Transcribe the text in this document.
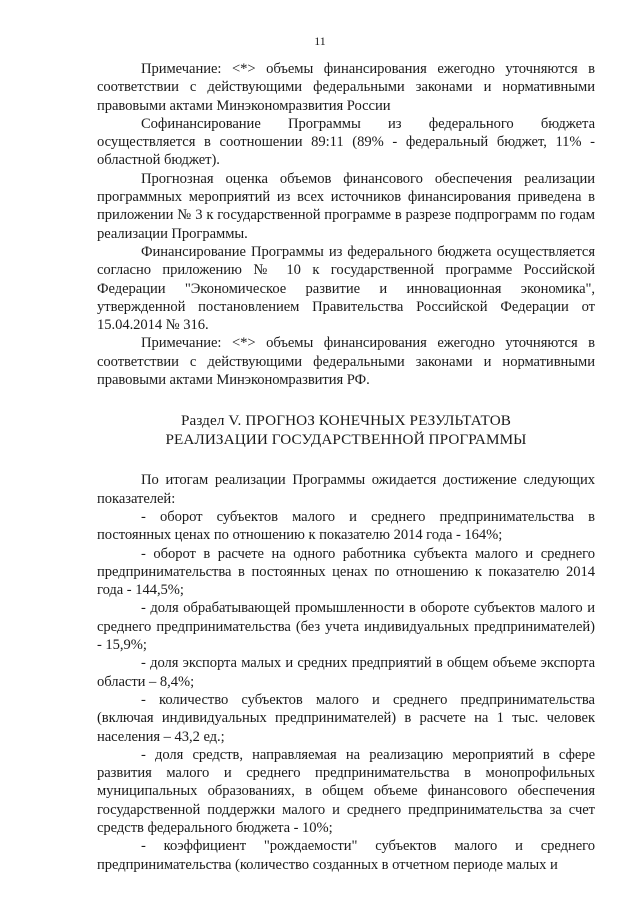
11

Примечание: <*> объемы финансирования ежегодно уточняются в соответствии с действующими федеральными законами и нормативными правовыми актами Минэкономразвития России

Софинансирование Программы из федерального бюджета осуществляется в соотношении 89:11 (89% - федеральный бюджет, 11% - областной бюджет).

Прогнозная оценка объемов финансового обеспечения реализации программных мероприятий из всех источников финансирования приведена в приложении № 3 к государственной программе в разрезе подпрограмм по годам реализации Программы.

Финансирование Программы из федерального бюджета осуществляется согласно приложению № 10 к государственной программе Российской Федерации "Экономическое развитие и инновационная экономика", утвержденной постановлением Правительства Российской Федерации от 15.04.2014 № 316.

Примечание: <*> объемы финансирования ежегодно уточняются в соответствии с действующими федеральными законами и нормативными правовыми актами Минэкономразвития РФ.

Раздел V. ПРОГНОЗ КОНЕЧНЫХ РЕЗУЛЬТАТОВ
РЕАЛИЗАЦИИ ГОСУДАРСТВЕННОЙ ПРОГРАММЫ

По итогам реализации Программы ожидается достижение следующих показателей:

- оборот субъектов малого и среднего предпринимательства в постоянных ценах по отношению к показателю 2014 года - 164%;

- оборот в расчете на одного работника субъекта малого и среднего предпринимательства в постоянных ценах по отношению к показателю 2014 года - 144,5%;

- доля обрабатывающей промышленности в обороте субъектов малого и среднего предпринимательства (без учета индивидуальных предпринимателей) - 15,9%;

- доля экспорта малых и средних предприятий в общем объеме экспорта области – 8,4%;

- количество субъектов малого и среднего предпринимательства (включая индивидуальных предпринимателей) в расчете на 1 тыс. человек населения – 43,2 ед.;

- доля средств, направляемая на реализацию мероприятий в сфере развития малого и среднего предпринимательства в монопрофильных муниципальных образованиях, в общем объеме финансового обеспечения государственной поддержки малого и среднего предпринимательства за счет средств федерального бюджета - 10%;

- коэффициент "рождаемости" субъектов малого и среднего предпринимательства (количество созданных в отчетном периоде малых и
